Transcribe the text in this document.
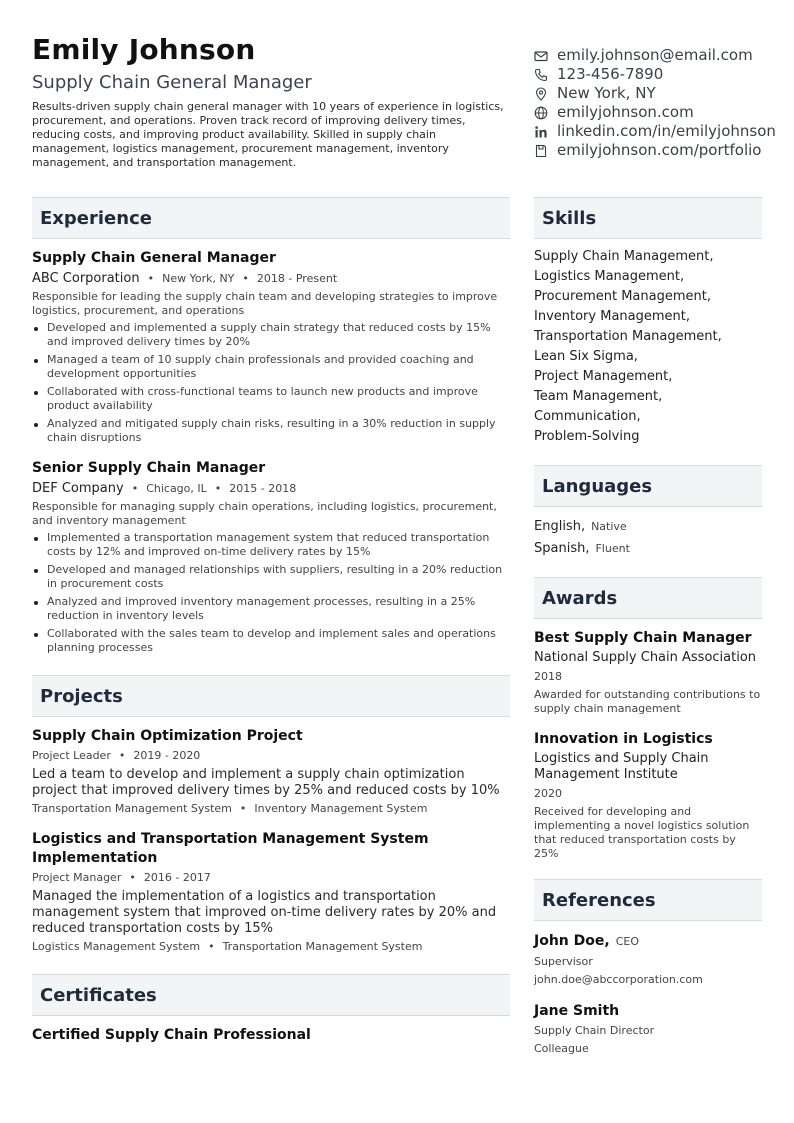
Emily Johnson
Supply Chain General Manager
Results-driven supply chain general manager with 10 years of experience in logistics, procurement, and operations. Proven track record of improving delivery times, reducing costs, and improving product availability. Skilled in supply chain management, logistics management, procurement management, inventory management, and transportation management.
emily.johnson@email.com
123-456-7890
New York, NY
emilyjohnson.com
linkedin.com/in/emilyjohnson
emilyjohnson.com/portfolio
Experience
Supply Chain General Manager
ABC Corporation • New York, NY • 2018 - Present
Responsible for leading the supply chain team and developing strategies to improve logistics, procurement, and operations
Developed and implemented a supply chain strategy that reduced costs by 15% and improved delivery times by 20%
Managed a team of 10 supply chain professionals and provided coaching and development opportunities
Collaborated with cross-functional teams to launch new products and improve product availability
Analyzed and mitigated supply chain risks, resulting in a 30% reduction in supply chain disruptions
Senior Supply Chain Manager
DEF Company • Chicago, IL • 2015 - 2018
Responsible for managing supply chain operations, including logistics, procurement, and inventory management
Implemented a transportation management system that reduced transportation costs by 12% and improved on-time delivery rates by 15%
Developed and managed relationships with suppliers, resulting in a 20% reduction in procurement costs
Analyzed and improved inventory management processes, resulting in a 25% reduction in inventory levels
Collaborated with the sales team to develop and implement sales and operations planning processes
Projects
Supply Chain Optimization Project
Project Leader • 2019 - 2020
Led a team to develop and implement a supply chain optimization project that improved delivery times by 25% and reduced costs by 10%
Transportation Management System • Inventory Management System
Logistics and Transportation Management System Implementation
Project Manager • 2016 - 2017
Managed the implementation of a logistics and transportation management system that improved on-time delivery rates by 20% and reduced transportation costs by 15%
Logistics Management System • Transportation Management System
Certificates
Certified Supply Chain Professional
Skills
Supply Chain Management,
Logistics Management,
Procurement Management,
Inventory Management,
Transportation Management,
Lean Six Sigma,
Project Management,
Team Management,
Communication,
Problem-Solving
Languages
English, Native
Spanish, Fluent
Awards
Best Supply Chain Manager
National Supply Chain Association
2018
Awarded for outstanding contributions to supply chain management
Innovation in Logistics
Logistics and Supply Chain Management Institute
2020
Received for developing and implementing a novel logistics solution that reduced transportation costs by 25%
References
John Doe, CEO
Supervisor
john.doe@abccorporation.com
Jane Smith
Supply Chain Director
Colleague
